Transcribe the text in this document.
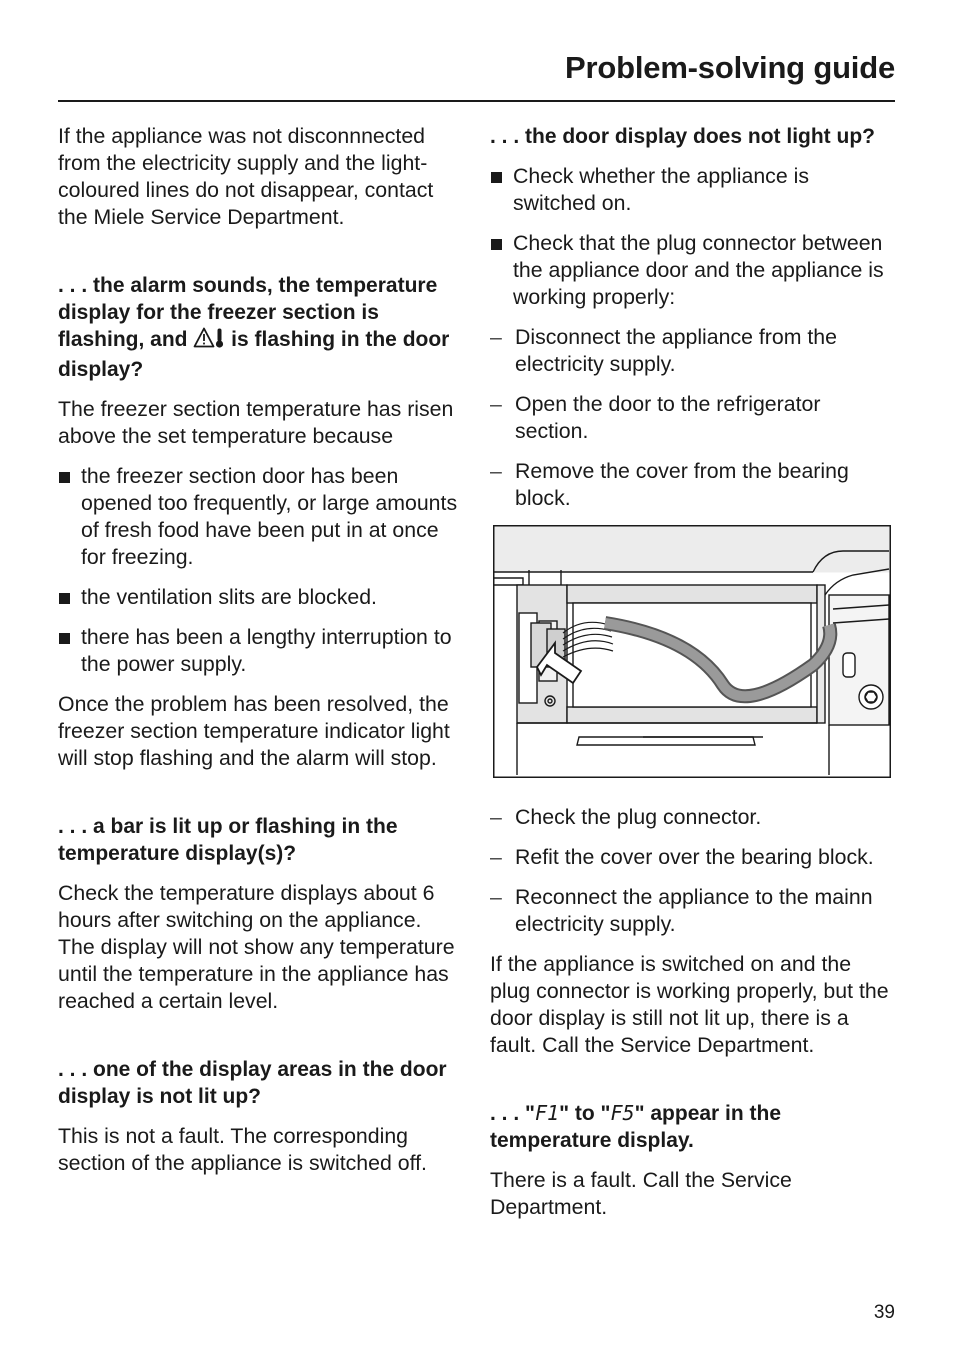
Problem-solving guide

If the appliance was not disconnnected from the electricity supply and the light-coloured lines do not disappear, contact the Miele Service Department.

. . . the alarm sounds, the temperature display for the freezer section is flashing, and  is flashing in the door display?

The freezer section temperature has risen above the set temperature because

the freezer section door has been opened too frequently, or large amounts of fresh food have been put in at once for freezing.
the ventilation slits are blocked.
there has been a lengthy interruption to the power supply.

Once the problem has been resolved, the freezer section temperature indicator light will stop flashing and the alarm will stop.

. . . a bar is lit up or flashing in the temperature display(s)?

Check the temperature displays about 6 hours after switching on the appliance. The display will not show any temperature until the temperature in the appliance has reached a certain level.

. . . one of the display areas in the door display is not lit up?

This is not a fault. The corresponding section of the appliance is switched off.

. . . the door display does not light up?
Check whether the appliance is switched on.
Check that the plug connector between the appliance door and the appliance is working properly:
– Disconnect the appliance from the electricity supply.
– Open the door to the refrigerator section.
– Remove the cover from the bearing block.
– Check the plug connector.
– Refit the cover over the bearing block.
– Reconnect the appliance to the mainn electricity supply.

If the appliance is switched on and the plug connector is working properly, but the door display is still not lit up, there is a fault. Call the Service Department.

. . . "F1" to "F5" appear in the temperature display.

There is a fault. Call the Service Department.

39
